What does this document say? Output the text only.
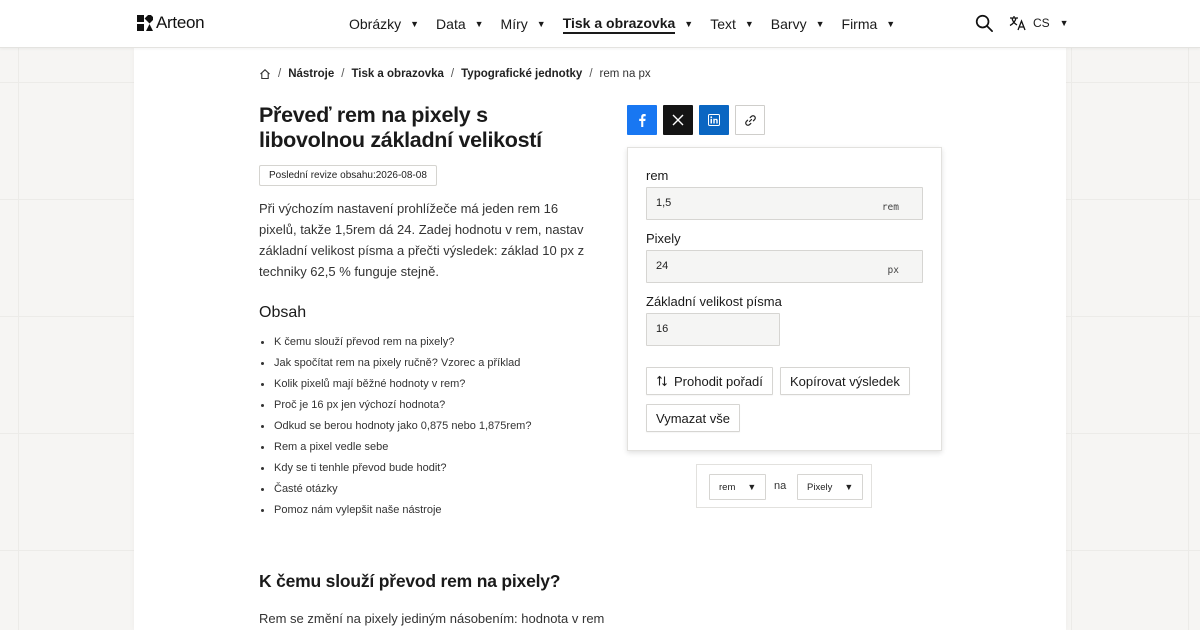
Arteon	Obrázky ▼ Data ▼ Míry ▼ Tisk a obrazovka ▼ Text ▼ Barvy ▼ Firma ▼	CS ▼
/ Nástroje / Tisk a obrazovka / Typografické jednotky / rem na px
Převeď rem na pixely s libovolnou základní velikostí
Poslední revize obsahu: 2026-08-08

Při výchozím nastavení prohlížeče má jeden rem 16 pixelů, takže 1,5rem dá 24. Zadej hodnotu v rem, nastav základní velikost písma a přečti výsledek: základ 10 px z techniky 62,5 % funguje stejně.

Obsah
K čemu slouží převod rem na pixely?
Jak spočítat rem na pixely ručně? Vzorec a příklad
Kolik pixelů mají běžné hodnoty v rem?
Proč je 16 px jen výchozí hodnota?
Odkud se berou hodnoty jako 0,875 nebo 1,875rem?
Rem a pixel vedle sebe
Kdy se ti tenhle převod bude hodit?
Časté otázky
Pomoz nám vylepšit naše nástroje
K čemu slouží převod rem na pixely?

Rem se změní na pixely jediným násobením: hodnota v rem

rem
1,5	rem
Pixely
24	px
Základní velikost písma
16
Prohodit pořadí	Kopírovat výsledek
Vymazat vše
rem ▼ na Pixely ▼
